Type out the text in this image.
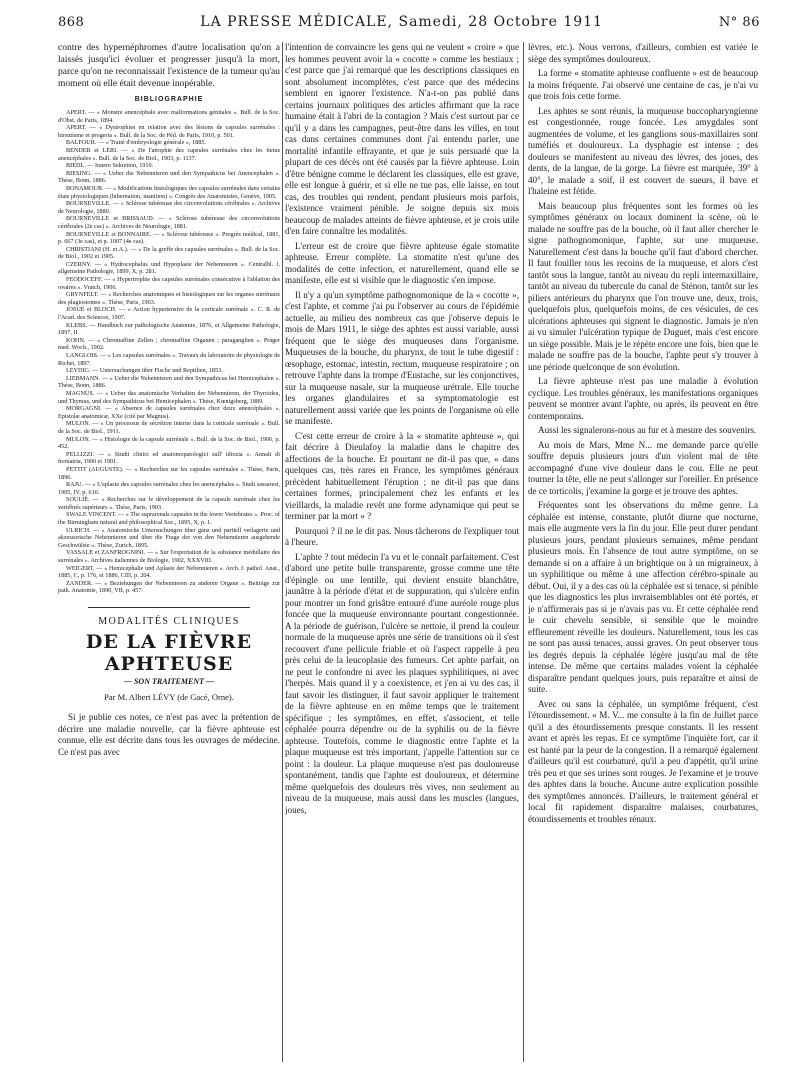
868	LA PRESSE MÉDICALE, Samedi, 28 Octobre 1911	N° 86

contre des hypernéphromes d'autre localisation qu'on a laissés jusqu'ici évoluer et progresser jusqu'à la mort, parce qu'on ne reconnaissait l'existence de la tumeur qu'au moment où elle était devenue inopérable.

BIBLIOGRAPHIE

APERT. — « Monstre anencéphale avec malformations génitales ». Bull. de la Soc. d'Obst. de Paris, 1894.

APERT. — « Dystrophies en relation avec des lésions de capsules surrénales : hirsutisme et progeria ». Bull. de la Soc. de Péd. de Paris, 1910, p. 501.

BALFOUR. — « Traité d'embryologie générale », 1885.

BENDER et LÉRI. — « De l'atrophie des capsules surrénales chez les fœtus anencéphales ». Bull. de la Soc. de Biol., 1903, p. 1137.

BIEDL. — Innere Sekretion, 1910.

BIESING. — « Ueber die Nebennieren und den Sympathicus bei Anencephalen ». Thèse, Bonn, 1886.

BONAMOUR. — « Modifications histologiques des capsules surrénales dans certains états physiologiques (hibernation, inanition) ». Congrès des Anatomistes, Genève, 1905.

BOURNEVILLE. — « Sclérose tubéreuse des circonvolutions cérébrales ». Archives de Neurologie, 1880.

BOURNEVILLE et BRISSAUD. — « Sclérose tubéreuse des circonvolutions cérébrales (2e cas) ». Archives de Neurologie, 1881.

BOURNEVILLE et BONNAIRE. — « Sclérose tubéreuse ». Progrès médical, 1881, p. 667 (3e cas), et p. 1007 (4e cas).

CHRISTIANI (H. et A.). — « De la greffe des capsules surrénales ». Bull. de la Soc. de Biol., 1902 et 1905.

CZERNY. — « Hydrocephalus und Hypoplasie der Nebennieren ». Centralbl. f. allgemeine Pathologie, 1899, X, p. 281.

FEODOCEFF. — « Hypertrophie des capsules surrénales consécutive à l'ablation des ovaires ». Vratch, 1906.

GRYNFELT. — « Recherches anatomiques et histologiques sur les organes surrénaux des plagiostomes ». Thèse, Paris, 1903.

JOSUÉ et BLOCH. — « Action hypertensive de la corticale surrénale ». C. R. de l'Acad. des Sciences, 1907.

KLEBS. — Handbuch zur pathologische Anatomie, 1876, et Allgemeine Pathologie, 1897, II.

KOHN. — « Chromaffine Zellen ; chromaffine Organen ; paraganglien ». Prager med. Woch., 1902.

LANGLOIS. — « Les capsules surrénales ». Travaux du laboratoire de physiologie de Richet, 1897.

LEYDIG. — Untersuchungen über Fische und Reptilien, 1853.

LIEBMANN. — « Ueber die Nebennieren und den Sympathicus bei Hemicephalen ». Thèse, Bonn, 1886.

MAGNUS. — « Ueber das anatomische Verhalten der Nebennieren, der Thyroidea, und Thymus, und des Sympathicus bei Hemicephalen ». Thèse, Kœnigsberg, 1889.

MORGAGNI. — « Absence de capsules surrénales chez deux anencéphales ». Epistolæ anatomicæ, XXe (cité par Magnus).

MULON. — « Un processus de sécrétion interne dans la corticale surrénale ». Bull. de la Soc. de Biol., 1911.

MULON. — « Histologie de la capsule surrénale ». Bull. de la Soc. de Biol., 1906, p. 452.

PELLIZZI. — « Studii clinici ed anatomopatologici sull' idiozia ». Annali di freniatria, 1900 et 1901.

PETTIT (AUGUSTE). — « Recherches sur les capsules surrénales ». Thèse, Paris, 1896.

RAJU. — « L'aplasie des capsules surrénales chez les anencéphales ». Studi sassaresi, 1905, IV, p. 610.

SOULIÉ. — « Recherches sur le développement de la capsule surrénale chez les vertébrés supérieurs ». Thèse, Paris, 1903.

SWALE VINCENT. — « The suprarenals capsules in the lower Vertebrates ». Proc. of the Birmingham natural and philosophical Soc., 1895, X, p. 1.

ULRICH. — « Anatomische Untersuchungen über ganz und partiell verlagerte und akzessorische Nebennieren und über die Frage der von den Nebennieren ausgehende Geschwülste ». Thèse, Zurich, 1895.

VASSALE et ZANFROGNINI. — « Sur l'exportation de la substance médullaire des surrénales ». Archives italiennes de Biologie, 1902, XXXVIII.

WEIGERT. — « Hemicephalie und Aplasie der Nebennieren ». Arch. f. pathol. Anat., 1885, C, p. 176, et 1886, CIII, p. 204.

ZANDER. — « Beziehungen der Nebennieren zu anderen Organe ». Beiträge zur path. Anatomie, 1890, VII, p. 457.

MODALITÉS CLINIQUES
DE LA FIÈVRE APHTEUSE
— SON TRAITEMENT —
Par M. Albert LÉVY (de Gacé, Orne).

Si je publie ces notes, ce n'est pas avec la prétention de décrire une maladie nouvelle, car la fièvre aphteuse est connue, elle est décrite dans tous les ouvrages de médecine. Ce n'est pas avec

l'intention de convaincre les gens qui ne veulent « croire » que les hommes peuvent avoir la « cocotte » comme les bestiaux ; c'est parce que j'ai remarqué que les descriptions classiques en sont absolument incomplètes, c'est parce que des médecins semblent en ignorer l'existence. N'a-t-on pas publié dans certains journaux politiques des articles affirmant que la race humaine était à l'abri de la contagion ? Mais c'est surtout par ce qu'il y a dans les campagnes, peut-être dans les villes, en tout cas dans certaines communes dont j'ai entendu parler, une mortalité infantile effrayante, et que je suis persuadé que la plupart de ces décès ont été causés par la fièvre aphteuse. Loin d'être bénigne comme le déclarent les classiques, elle est grave, elle est longue à guérir, et si elle ne tue pas, elle laisse, en tout cas, des troubles qui rendent, pendant plusieurs mois parfois, l'existence vraiment pénible. Je soigne depuis six mois beaucoup de malades atteints de fièvre aphteuse, et je crois utile d'en faire connaître les modalités.

L'erreur est de croire que fièvre aphteuse égale stomatite aphteuse. Erreur complète. La stomatite n'est qu'une des modalités de cette infection, et naturellement, quand elle se manifeste, elle est si visible que le diagnostic s'en impose.

Il n'y a qu'un symptôme pathognomonique de la « cocotte », c'est l'aphte, et comme j'ai pu l'observer au cours de l'épidémie actuelle, au milieu des nombreux cas que j'observe depuis le mois de Mars 1911, le siège des aphtes est aussi variable, aussi fréquent que le siège des muqueuses dans l'organisme. Muqueuses de la bouche, du pharynx, de tout le tube digestif : œsophage, estomac, intestin, rectum, muqueuse respiratoire ; on retrouve l'aphte dans la trompe d'Eustache, sur les conjonctives, sur la muqueuse nasale, sur la muqueuse urétrale. Elle touche les organes glandulaires et sa symptomatologie est naturellement aussi variée que les points de l'organisme où elle se manifeste.

C'est cette erreur de croire à la « stomatite aphteuse », qui fait décrire à Dieulafoy la maladie dans le chapitre des affections de la bouche. Et pourtant ne dit-il pas que, « dans quelques cas, très rares en France, les symptômes généraux précèdent habituellement l'éruption ; ne dit-il pas que dans certaines formes, principalement chez les enfants et les vieillards, la maladie revêt une forme adynamique qui peut se terminer par la mort » ?

Pourquoi ? il ne le dit pas. Nous tâcherons de l'expliquer tout à l'heure.

L'aphte ? tout médecin l'a vu et le connaît parfaitement. C'est d'abord une petite bulle transparente, grosse comme une tête d'épingle ou une lentille, qui devient ensuite blanchâtre, jaunâtre à la période d'état et de suppuration, qui s'ulcère enfin pour montrer un fond grisâtre entouré d'une auréole rouge plus foncée que la muqueuse environnante pourtant congestionnée. A la période de guérison, l'ulcère se nettoie, il prend la couleur normale de la muqueuse après une série de transitions où il s'est recouvert d'une pellicule friable et où l'aspect rappelle à peu près celui de la leucoplasie des fumeurs. Cet aphte parfait, on ne peut le confondre ni avec les plaques syphilitiques, ni avec l'herpès. Mais quand il y a coexistence, et j'en ai vu des cas, il faut savoir les distinguer, il faut savoir appliquer le traitement de la fièvre aphteuse en en même temps que le traitement spécifique ; les symptômes, en effet, s'associent, et telle céphalée pourra dépendre ou de la syphilis ou de la fièvre aphteuse. Toutefois, comme le diagnostic entre l'aphte et la plaque muqueuse est très important, j'appelle l'attention sur ce point : la douleur. La plaque muqueuse n'est pas douloureuse spontanément, tandis que l'aphte est douloureux, et détermine même quelquefois des douleurs très vives, non seulement au niveau de la muqueuse, mais aussi dans les muscles (langues, joues,

lèvres, etc.). Nous verrons, d'ailleurs, combien est variée le siège des symptômes douloureux.

La forme « stomatite aphteuse confluente » est de beaucoup la moins fréquente. J'ai observé une centaine de cas, je n'ai vu que trois fois cette forme.

Les aphtes se sont réunis, la muqueuse buccopharyngienne est congestionnée, rouge foncée. Les amygdales sont augmentées de volume, et les ganglions sous-maxillaires sont tuméfiés et douloureux. La dysphagie est intense ; des douleurs se manifestent au niveau des lèvres, des joues, des dents, de la langue, de la gorge. La fièvre est marquée, 39° à 40°, le malade a soif, il est couvert de sueurs, il bave et l'haleine est fétide.

Mais beaucoup plus fréquentes sont les formes où les symptômes généraux ou locaux dominent la scène, où le malade ne souffre pas de la bouche, où il faut aller chercher le signe pathognomonique, l'aphte, sur une muqueuse. Naturellement c'est dans la bouche qu'il faut d'abord chercher. Il faut fouiller tous les recoins de la muqueuse, et alors c'est tantôt sous la langue, tantôt au niveau du repli intermaxillaire, tantôt au niveau du tubercule du canal de Sténon, tantôt sur les piliers antérieurs du pharynx que l'on trouve une, deux, trois, quelquefois plus, quelquefois moins, de ces vésicules, de ces ulcérations aphteuses qui signent le diagnostic. Jamais je n'en ai vu simuler l'ulcération typique de Duguet, mais c'est encore un siège possible. Mais je le répète encore une fois, bien que le malade ne souffre pas de la bouche, l'aphte peut s'y trouver à une période quelconque de son évolution.

La fièvre aphteuse n'est pas une maladie à évolution cyclique. Les troubles généraux, les manifestations organiques peuvent se montrer avant l'aphte, ou après, ils peuvent en être contemporains.

Aussi les signalerons-nous au fur et à mesure des souvenirs.

Au mois de Mars, Mme N... me demande parce qu'elle souffre depuis plusieurs jours d'un violent mal de tête accompagné d'une vive douleur dans le cou. Elle ne peut tourner la tête, elle ne peut s'allonger sur l'oreiller. En présence de ce torticolis, j'examine la gorge et je trouve des aphtes.

Fréquentes sont les observations du même genre. La céphalée est intense, constante, plutôt diurne que nocturne, mais elle augmente vers la fin du jour. Elle peut durer pendant plusieurs jours, pendant plusieurs semaines, même pendant plusieurs mois. En l'absence de tout autre symptôme, on se demande si on a affaire à un brightique ou à un migraineux, à un syphilitique ou même à une affection cérébro-spinale au début. Oui, il y a des cas où la céphalée est si tenace, si pénible que les diagnostics les plus invraisemblables ont été portés, et je n'affirmerais pas si je n'avais pas vu. Et cette céphalée rend le cuir chevelu sensible, si sensible que le moindre effleurement réveille les douleurs. Naturellement, tous les cas ne sont pas aussi tenaces, aussi graves. On peut observer tous les degrés depuis la céphalée légère jusqu'au mal de tête intense. De même que certains malades voient la céphalée disparaître pendant quelques jours, puis reparaître et ainsi de suite.

Avec ou sans la céphalée, un symptôme fréquent, c'est l'étourdissement. « M. V... me consulte à la fin de Juillet parce qu'il a des étourdissements presque constants. Il les ressent avant et après les repas. Et ce symptôme l'inquiète fort, car il est hanté par la peur de la congestion. Il a remarqué également d'ailleurs qu'il est courbaturé, qu'il a peu d'appétit, qu'il urine très peu et que ses urines sont rouges. Je l'examine et je trouve des aphtes dans la bouche. Aucune autre explication possible des symptômes annoncés. D'ailleurs, le traitement général et local fit rapidement disparaître malaises, courbatures, étourdissements et troubles rénaux.
